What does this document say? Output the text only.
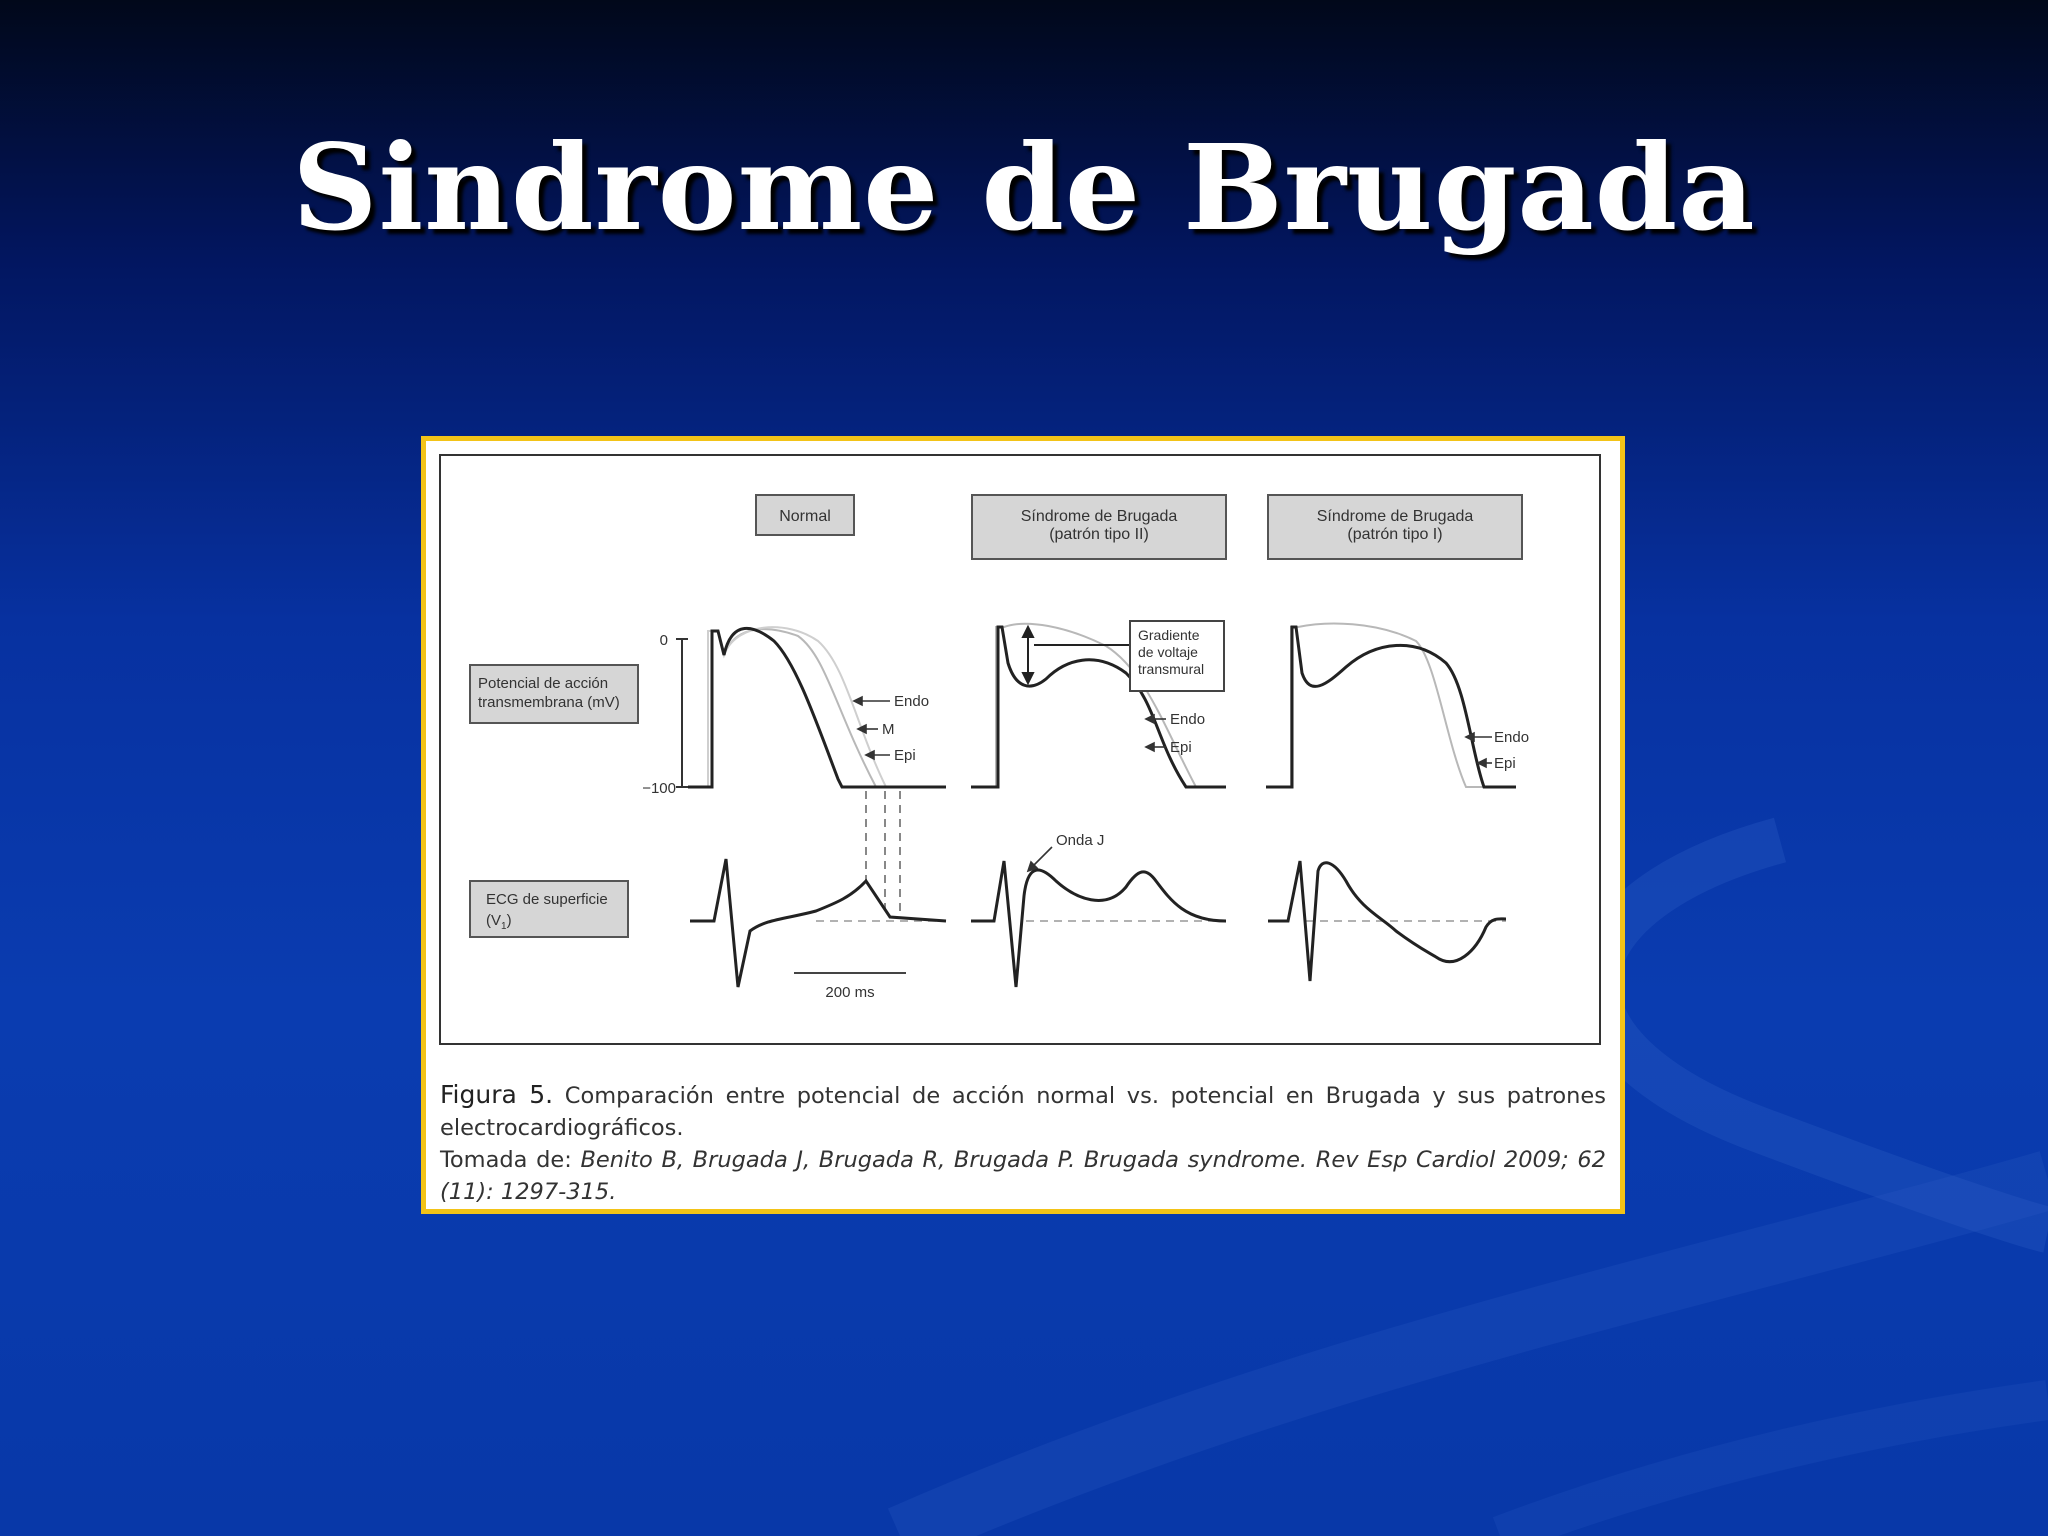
Sindrome de Brugada
Normal	Síndrome de Brugada
(patrón tipo II)
Síndrome de Brugada
(patrón tipo I)
Potencial de acción
transmembrana (mV)
ECG de superficie
$(V_1)$
0
−100
Endo
M
Epi
Gradiente
de voltaje
transmural
Endo
Epi
Endo
Epi
Onda J
200 ms

Figura 5. Comparación entre potencial de acción normal vs. potencial en Brugada y sus patrones electrocardiográficos.

Tomada de: Benito B, Brugada J, Brugada R, Brugada P. Brugada syndrome. Rev Esp Cardiol 2009; 62 (11): 1297-315.
